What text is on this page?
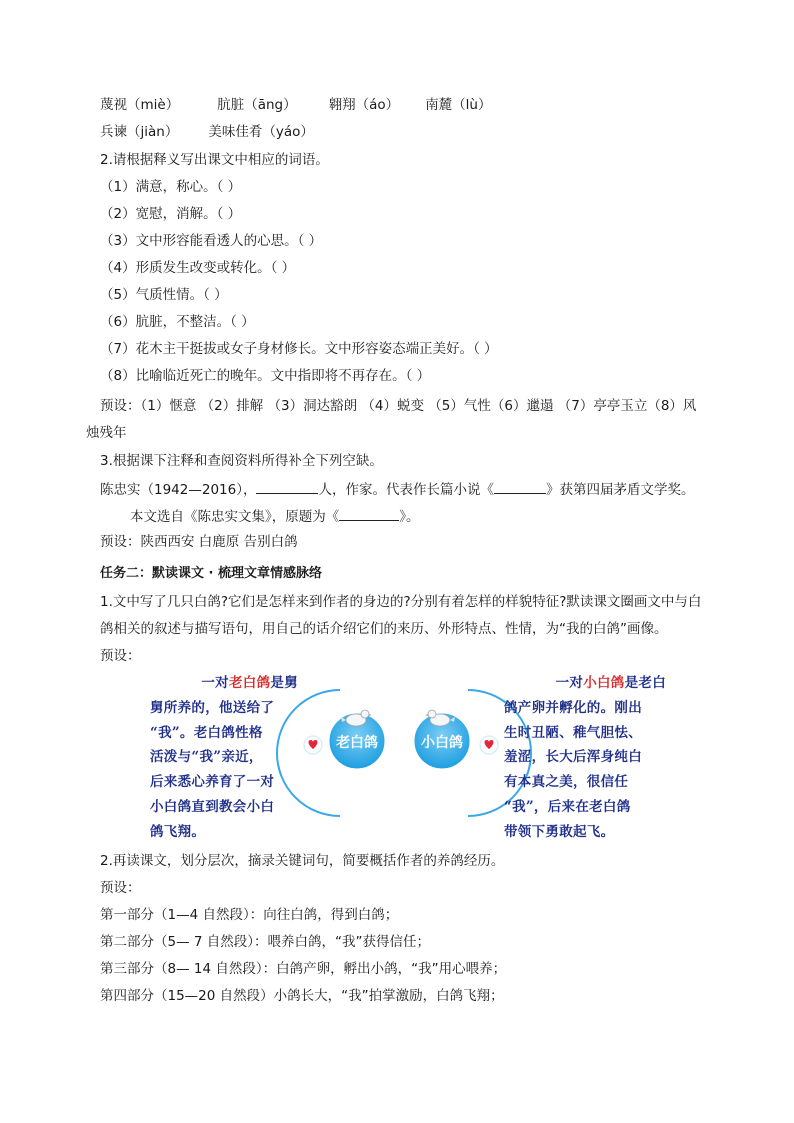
蔑视（miè）	肮脏（āng） 翱翔（áo） 南麓（lù）
兵谏（jiàn） 美味佳肴（yáo）
2.请根据释义写出课文中相应的词语。
（1）满意，称心。（ ）
（2）宽慰，消解。（ ）
（3）文中形容能看透人的心思。（ ）
（4）形质发生改变或转化。（ ）
（5）气质性情。（ ）
（6）肮脏，不整洁。（ ）
（7）花木主干挺拔或女子身材修长。文中形容姿态端正美好。（ ）
（8）比喻临近死亡的晚年。文中指即将不再存在。（ ）
预设：（1）惬意 （2）排解 （3）洞达豁朗 （4）蜕变 （5）气性（6）邋遢 （7）亭亭玉立（8）风
烛残年
3.根据课下注释和查阅资料所得补全下列空缺。
陈忠实（1942—2016），	人，作家。代表作长篇小说《	》获第四届茅盾文学奖。
本文选自《陈忠实文集》，原题为《	》。
预设：陕西西安 白鹿原 告别白鸽
任务二：默读课文 · 梳理文章情感脉络
1.文中写了几只白鸽?它们是怎样来到作者的身边的?分别有着怎样的样貌特征?默读课文圈画文中与白
鸽相关的叙述与描写语句，用自己的话介绍它们的来历、外形特点、性情，为“我的白鸽”画像。
预设：
一对老白鸽是舅
舅所养的，他送给了
“我”。老白鸽性格
活泼与“我”亲近，
后来悉心养育了一对
小白鸽直到教会小白
鸽飞翔。
老白鸽	小白鸽
一对小白鸽是老白
鸽产卵并孵化的。刚出
生时丑陋、稚气胆怯、
羞涩，长大后浑身纯白
有本真之美，很信任
“我”，后来在老白鸽
带领下勇敢起飞。
2.再读课文，划分层次，摘录关键词句，简要概括作者的养鸽经历。
预设：
第一部分（1—4 自然段）：向往白鸽，得到白鸽；
第二部分（5— 7 自然段）：喂养白鸽，“我”获得信任；
第三部分（8— 14 自然段）：白鸽产卵，孵出小鸽，“我”用心喂养；
第四部分（15—20 自然段）小鸽长大，“我”拍掌激励，白鸽飞翔；
